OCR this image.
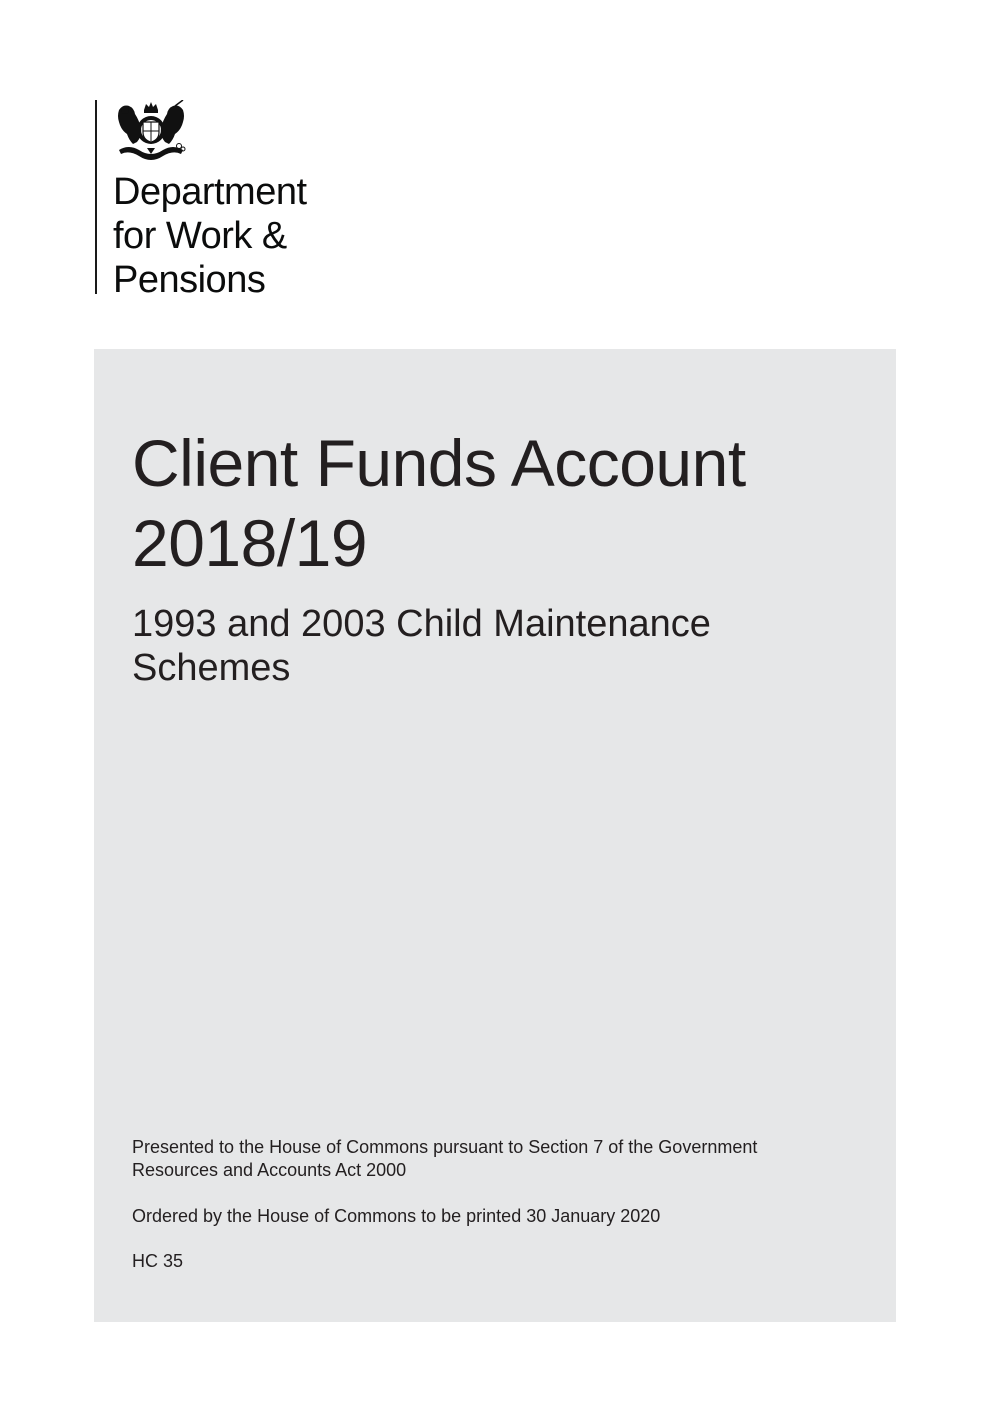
Department
for Work &
Pensions
Client Funds Account
2018/19
1993 and 2003 Child Maintenance
Schemes

Presented to the House of Commons pursuant to Section 7 of the Government

Resources and Accounts Act 2000

Ordered by the House of Commons to be printed 30 January 2020

HC 35
